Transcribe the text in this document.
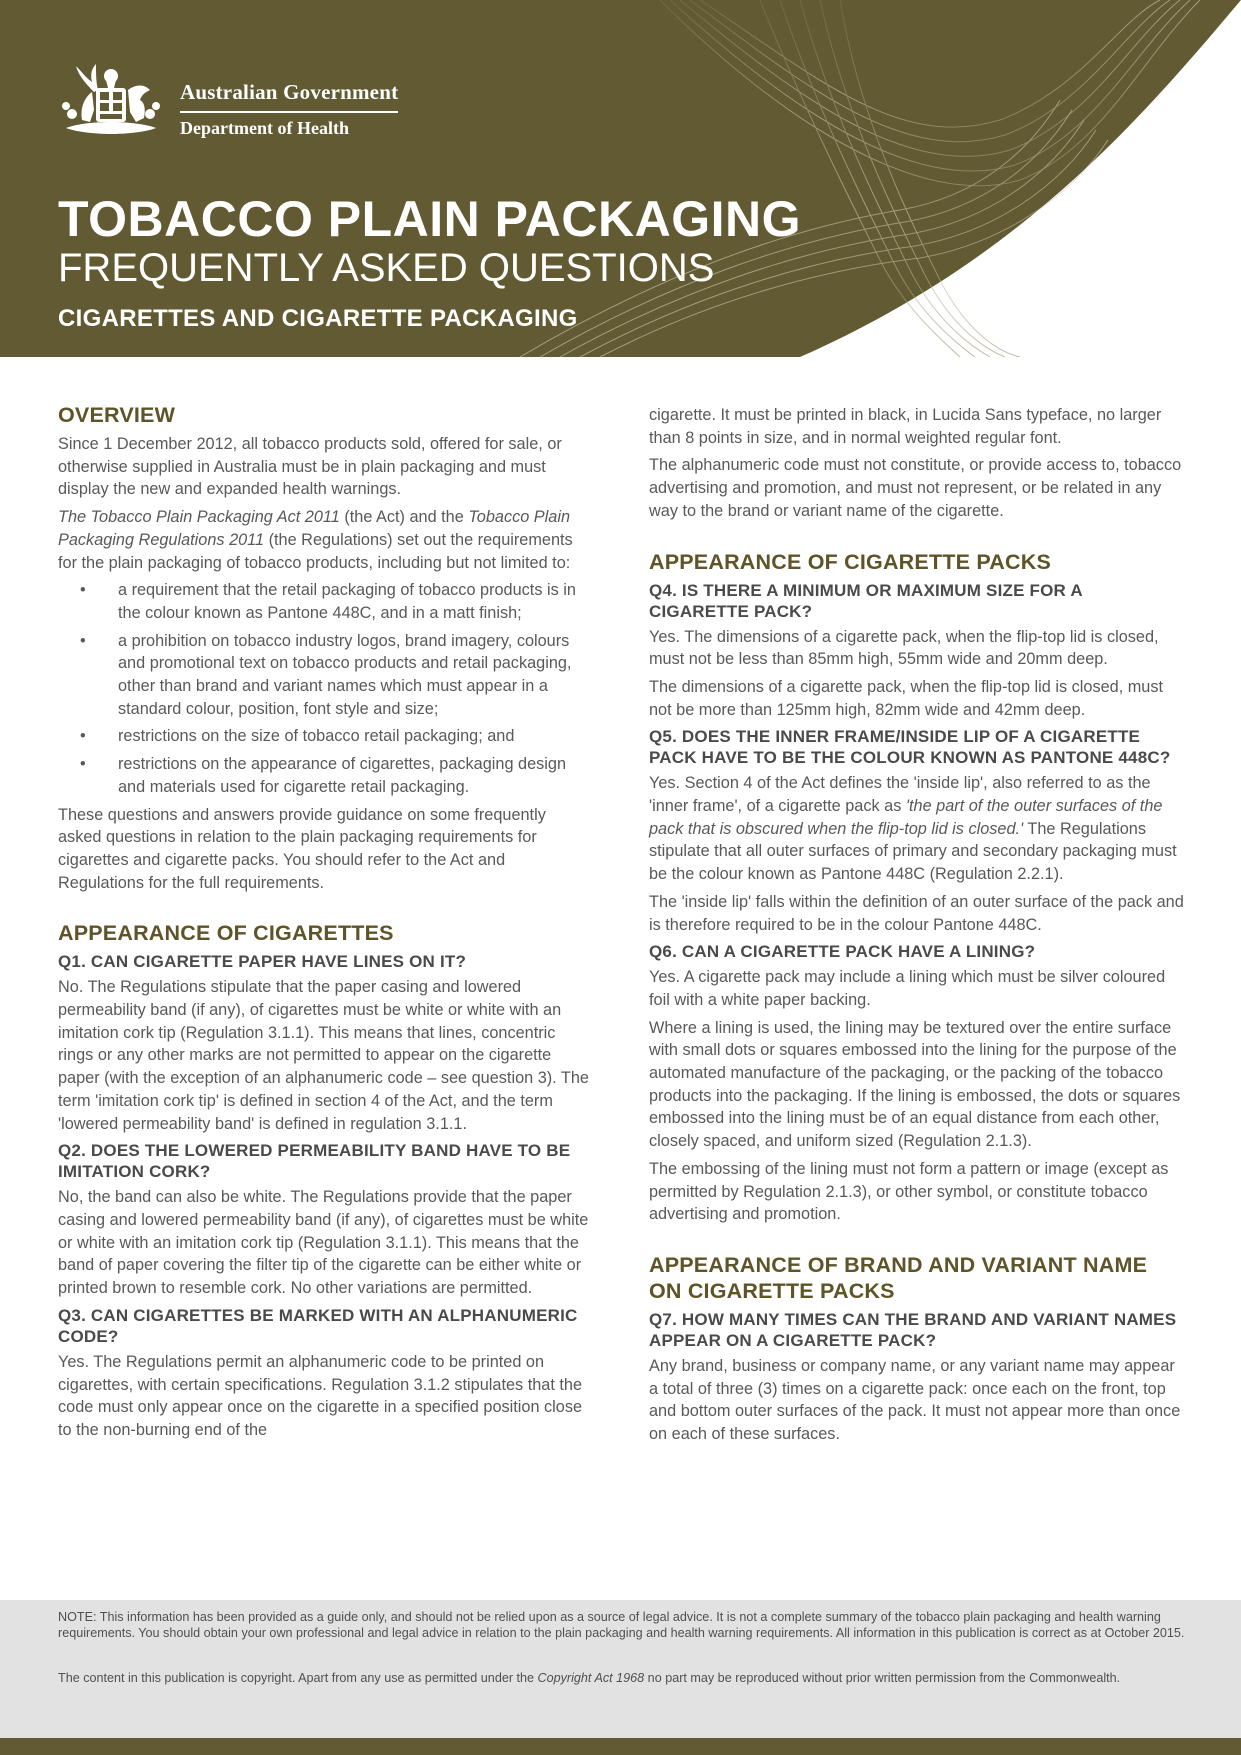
Australian Government
Department of Health
TOBACCO PLAIN PACKAGING
FREQUENTLY ASKED QUESTIONS
CIGARETTES AND CIGARETTE PACKAGING
OVERVIEW

Since 1 December 2012, all tobacco products sold, offered for sale, or otherwise supplied in Australia must be in plain packaging and must display the new and expanded health warnings.

The Tobacco Plain Packaging Act 2011 (the Act) and the Tobacco Plain Packaging Regulations 2011 (the Regulations) set out the requirements for the plain packaging of tobacco products, including but not limited to:

• a requirement that the retail packaging of tobacco products is in the colour known as Pantone 448C, and in a matt finish;
• a prohibition on tobacco industry logos, brand imagery, colours and promotional text on tobacco products and retail packaging, other than brand and variant names which must appear in a standard colour, position, font style and size;
• restrictions on the size of tobacco retail packaging; and
• restrictions on the appearance of cigarettes, packaging design and materials used for cigarette retail packaging.

These questions and answers provide guidance on some frequently asked questions in relation to the plain packaging requirements for cigarettes and cigarette packs. You should refer to the Act and Regulations for the full requirements.

APPEARANCE OF CIGARETTES
Q1. CAN CIGARETTE PAPER HAVE LINES ON IT?

No. The Regulations stipulate that the paper casing and lowered permeability band (if any), of cigarettes must be white or white with an imitation cork tip (Regulation 3.1.1). This means that lines, concentric rings or any other marks are not permitted to appear on the cigarette paper (with the exception of an alphanumeric code – see question 3). The term 'imitation cork tip' is defined in section 4 of the Act, and the term 'lowered permeability band' is defined in regulation 3.1.1.

Q2. DOES THE LOWERED PERMEABILITY BAND HAVE TO BE IMITATION CORK?

No, the band can also be white. The Regulations provide that the paper casing and lowered permeability band (if any), of cigarettes must be white or white with an imitation cork tip (Regulation 3.1.1). This means that the band of paper covering the filter tip of the cigarette can be either white or printed brown to resemble cork. No other variations are permitted.

Q3. CAN CIGARETTES BE MARKED WITH AN ALPHANUMERIC CODE?

Yes. The Regulations permit an alphanumeric code to be printed on cigarettes, with certain specifications. Regulation 3.1.2 stipulates that the code must only appear once on the cigarette in a specified position close to the non-burning end of the

cigarette. It must be printed in black, in Lucida Sans typeface, no larger than 8 points in size, and in normal weighted regular font.

The alphanumeric code must not constitute, or provide access to, tobacco advertising and promotion, and must not represent, or be related in any way to the brand or variant name of the cigarette.

APPEARANCE OF CIGARETTE PACKS
Q4. IS THERE A MINIMUM OR MAXIMUM SIZE FOR A CIGARETTE PACK?

Yes. The dimensions of a cigarette pack, when the flip-top lid is closed, must not be less than 85mm high, 55mm wide and 20mm deep.

The dimensions of a cigarette pack, when the flip-top lid is closed, must not be more than 125mm high, 82mm wide and 42mm deep.

Q5. DOES THE INNER FRAME/INSIDE LIP OF A CIGARETTE PACK HAVE TO BE THE COLOUR KNOWN AS PANTONE 448C?

Yes. Section 4 of the Act defines the 'inside lip', also referred to as the 'inner frame', of a cigarette pack as 'the part of the outer surfaces of the pack that is obscured when the flip-top lid is closed.' The Regulations stipulate that all outer surfaces of primary and secondary packaging must be the colour known as Pantone 448C (Regulation 2.2.1).

The 'inside lip' falls within the definition of an outer surface of the pack and is therefore required to be in the colour Pantone 448C.

Q6. CAN A CIGARETTE PACK HAVE A LINING?

Yes. A cigarette pack may include a lining which must be silver coloured foil with a white paper backing.

Where a lining is used, the lining may be textured over the entire surface with small dots or squares embossed into the lining for the purpose of the automated manufacture of the packaging, or the packing of the tobacco products into the packaging. If the lining is embossed, the dots or squares embossed into the lining must be of an equal distance from each other, closely spaced, and uniform sized (Regulation 2.1.3).

The embossing of the lining must not form a pattern or image (except as permitted by Regulation 2.1.3), or other symbol, or constitute tobacco advertising and promotion.

APPEARANCE OF BRAND AND VARIANT NAME ON CIGARETTE PACKS
Q7. HOW MANY TIMES CAN THE BRAND AND VARIANT NAMES APPEAR ON A CIGARETTE PACK?

Any brand, business or company name, or any variant name may appear a total of three (3) times on a cigarette pack: once each on the front, top and bottom outer surfaces of the pack. It must not appear more than once on each of these surfaces.

NOTE: This information has been provided as a guide only, and should not be relied upon as a source of legal advice. It is not a complete summary of the tobacco plain packaging and health warning requirements. You should obtain your own professional and legal advice in relation to the plain packaging and health warning requirements. All information in this publication is correct as at October 2015.

The content in this publication is copyright. Apart from any use as permitted under the Copyright Act 1968 no part may be reproduced without prior written permission from the Commonwealth.
